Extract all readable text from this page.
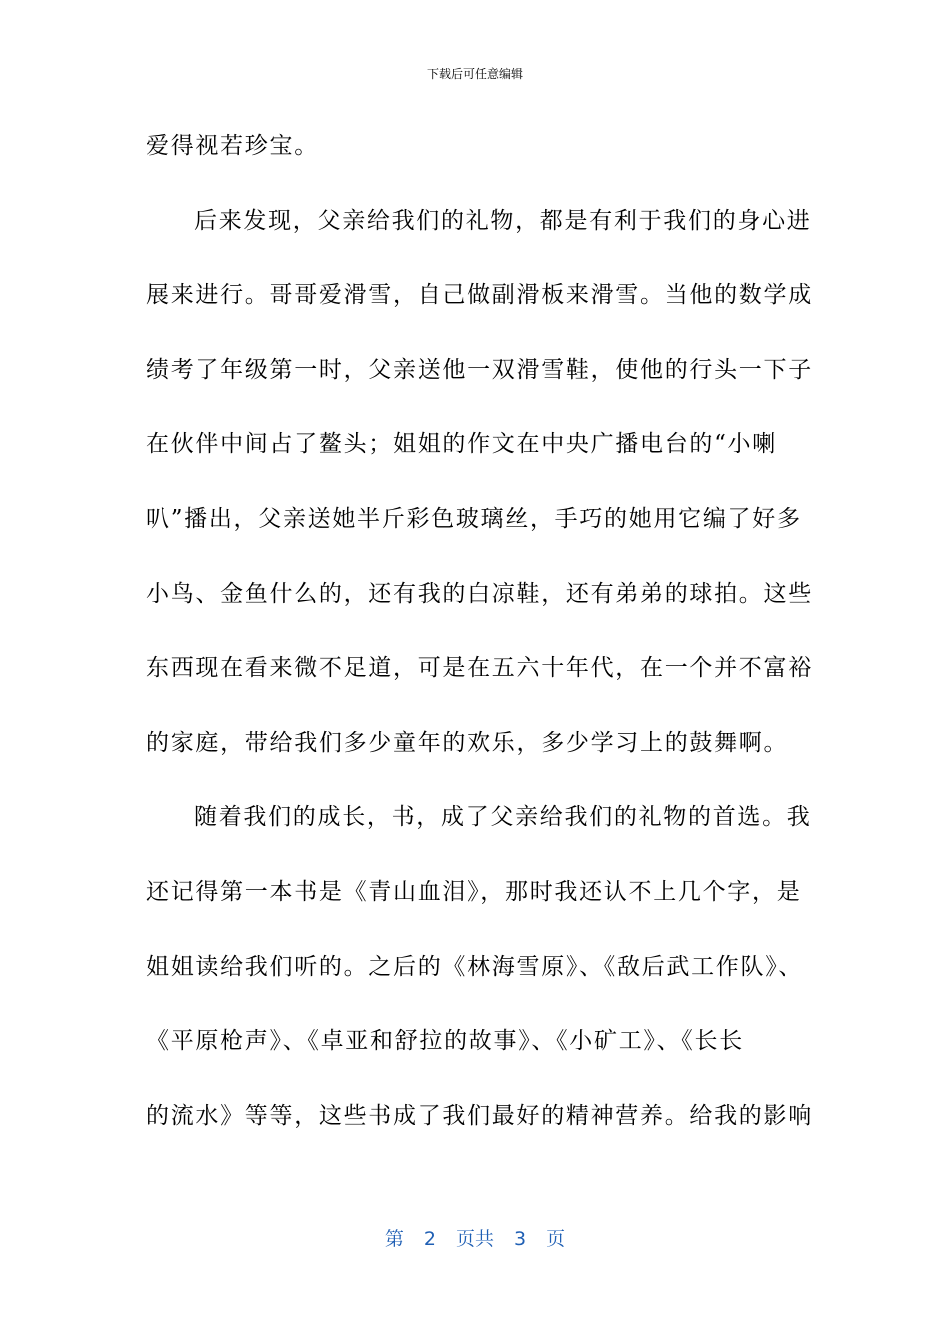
下载后可任意编辑
爱得视若珍宝。
后来发现，父亲给我们的礼物，都是有利于我们的身心进
展来进行。哥哥爱滑雪，自己做副滑板来滑雪。当他的数学成
绩考了年级第一时，父亲送他一双滑雪鞋，使他的行头一下子
在伙伴中间占了鳌头；姐姐的作文在中央广播电台的“小喇
叭”播出，父亲送她半斤彩色玻璃丝，手巧的她用它编了好多
小鸟、金鱼什么的，还有我的白凉鞋，还有弟弟的球拍。这些
东西现在看来微不足道，可是在五六十年代，在一个并不富裕
的家庭，带给我们多少童年的欢乐，多少学习上的鼓舞啊。
随着我们的成长，书，成了父亲给我们的礼物的首选。我
还记得第一本书是《青山血泪》，那时我还认不上几个字，是
姐姐读给我们听的。之后的《林海雪原》、《敌后武工作队》、
《平原枪声》、《卓亚和舒拉的故事》、《小矿工》、《长长
的流水》等等，这些书成了我们最好的精神营养。给我的影响
第 2 页共 3 页
